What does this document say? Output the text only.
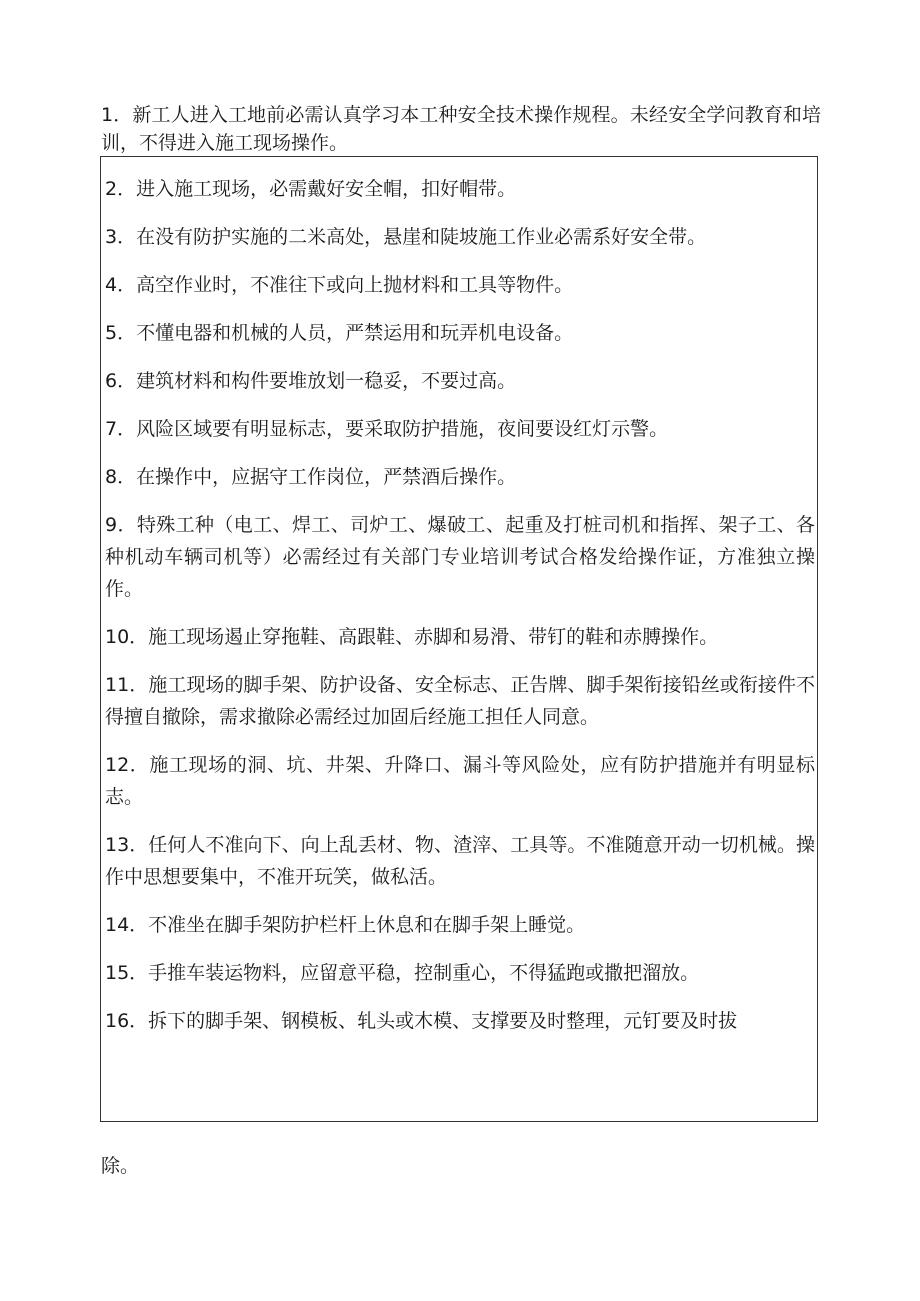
1．新工人进入工地前必需认真学习本工种安全技术操作规程。未经安全学问教育和培训，不得进入施工现场操作。

2．进入施工现场，必需戴好安全帽，扣好帽带。

3．在没有防护实施的二米高处，悬崖和陡坡施工作业必需系好安全带。

4．高空作业时，不准往下或向上抛材料和工具等物件。

5．不懂电器和机械的人员，严禁运用和玩弄机电设备。

6．建筑材料和构件要堆放划一稳妥，不要过高。

7．风险区域要有明显标志，要采取防护措施，夜间要设红灯示警。

8．在操作中，应据守工作岗位，严禁酒后操作。

9．特殊工种（电工、焊工、司炉工、爆破工、起重及打桩司机和指挥、架子工、各种机动车辆司机等）必需经过有关部门专业培训考试合格发给操作证，方准独立操作。

10．施工现场遏止穿拖鞋、高跟鞋、赤脚和易滑、带钉的鞋和赤膊操作。

11．施工现场的脚手架、防护设备、安全标志、正告牌、脚手架衔接铅丝或衔接件不得擅自撤除，需求撤除必需经过加固后经施工担任人同意。

12．施工现场的洞、坑、井架、升降口、漏斗等风险处，应有防护措施并有明显标志。

13．任何人不准向下、向上乱丢材、物、渣滓、工具等。不准随意开动一切机械。操作中思想要集中，不准开玩笑，做私活。

14．不准坐在脚手架防护栏杆上休息和在脚手架上睡觉。

15．手推车装运物料，应留意平稳，控制重心，不得猛跑或撒把溜放。

16．拆下的脚手架、钢模板、轧头或木模、支撑要及时整理，元钉要及时拔

除。
